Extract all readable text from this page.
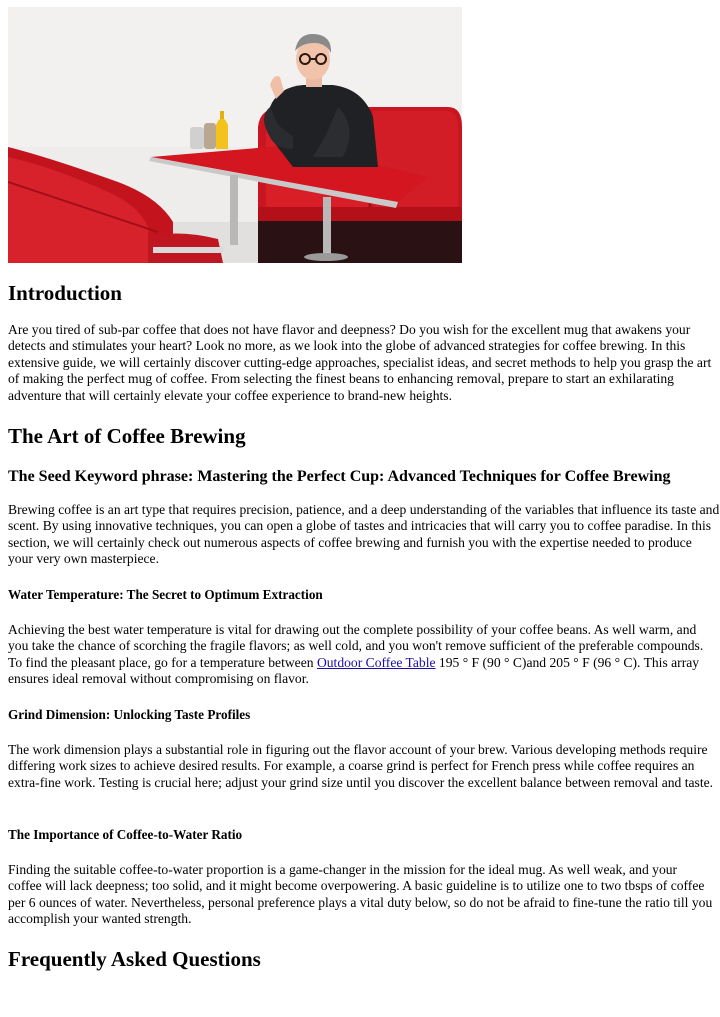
Introduction

Are you tired of sub-par coffee that does not have flavor and deepness? Do you wish for the excellent mug that awakens your detects and stimulates your heart? Look no more, as we look into the globe of advanced strategies for coffee brewing. In this extensive guide, we will certainly discover cutting-edge approaches, specialist ideas, and secret methods to help you grasp the art of making the perfect mug of coffee. From selecting the finest beans to enhancing removal, prepare to start an exhilarating adventure that will certainly elevate your coffee experience to brand-new heights.

The Art of Coffee Brewing
The Seed Keyword phrase: Mastering the Perfect Cup: Advanced Techniques for Coffee Brewing

Brewing coffee is an art type that requires precision, patience, and a deep understanding of the variables that influence its taste and scent. By using innovative techniques, you can open a globe of tastes and intricacies that will carry you to coffee paradise. In this section, we will certainly check out numerous aspects of coffee brewing and furnish you with the expertise needed to produce your very own masterpiece.

Water Temperature: The Secret to Optimum Extraction

Achieving the best water temperature is vital for drawing out the complete possibility of your coffee beans. As well warm, and you take the chance of scorching the fragile flavors; as well cold, and you won't remove sufficient of the preferable compounds. To find the pleasant place, go for a temperature between Outdoor Coffee Table 195 ° F (90 ° C)and 205 ° F (96 ° C). This array ensures ideal removal without compromising on flavor.

Grind Dimension: Unlocking Taste Profiles

The work dimension plays a substantial role in figuring out the flavor account of your brew. Various developing methods require differing work sizes to achieve desired results. For example, a coarse grind is perfect for French press while coffee requires an extra-fine work. Testing is crucial here; adjust your grind size until you discover the excellent balance between removal and taste.

The Importance of Coffee-to-Water Ratio

Finding the suitable coffee-to-water proportion is a game-changer in the mission for the ideal mug. As well weak, and your coffee will lack deepness; too solid, and it might become overpowering. A basic guideline is to utilize one to two tbsps of coffee per 6 ounces of water. Nevertheless, personal preference plays a vital duty below, so do not be afraid to fine-tune the ratio till you accomplish your wanted strength.

Frequently Asked Questions
